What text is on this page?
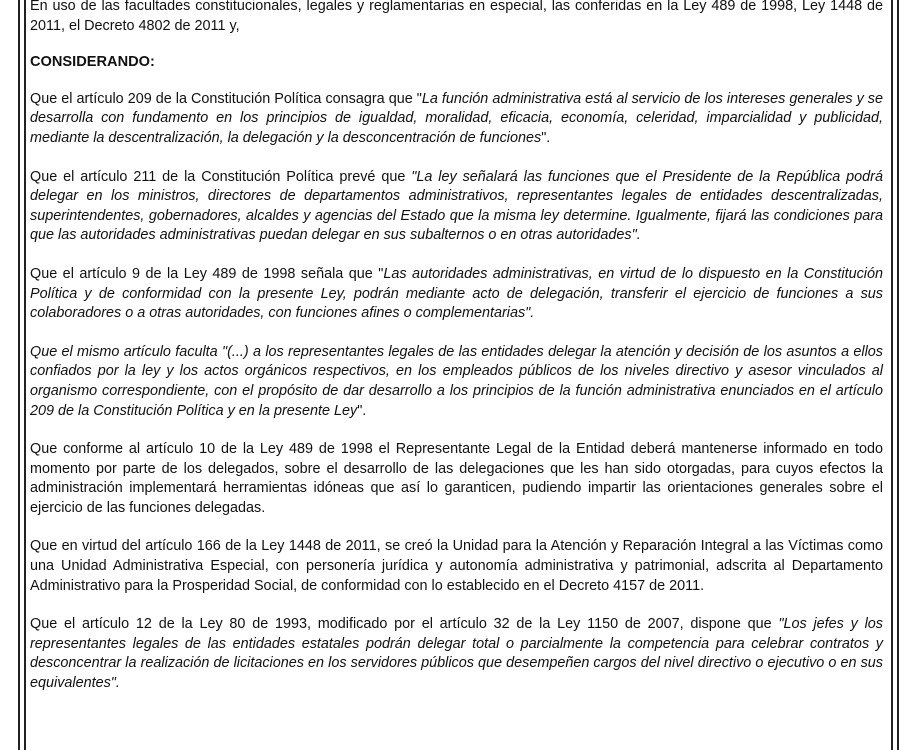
En uso de las facultades constitucionales, legales y reglamentarias en especial, las conferidas en la Ley 489 de 1998, Ley 1448 de 2011, el Decreto 4802 de 2011 y,

CONSIDERANDO:

Que el artículo 209 de la Constitución Política consagra que "La función administrativa está al servicio de los intereses generales y se desarrolla con fundamento en los principios de igualdad, moralidad, eficacia, economía, celeridad, imparcialidad y publicidad, mediante la descentralización, la delegación y la desconcentración de funciones".

Que el artículo 211 de la Constitución Política prevé que "La ley señalará las funciones que el Presidente de la República podrá delegar en los ministros, directores de departamentos administrativos, representantes legales de entidades descentralizadas, superintendentes, gobernadores, alcaldes y agencias del Estado que la misma ley determine. Igualmente, fijará las condiciones para que las autoridades administrativas puedan delegar en sus subalternos o en otras autoridades".

Que el artículo 9 de la Ley 489 de 1998 señala que "Las autoridades administrativas, en virtud de lo dispuesto en la Constitución Política y de conformidad con la presente Ley, podrán mediante acto de delegación, transferir el ejercicio de funciones a sus colaboradores o a otras autoridades, con funciones afines o complementarias".

Que el mismo artículo faculta "(...) a los representantes legales de las entidades delegar la atención y decisión de los asuntos a ellos confiados por la ley y los actos orgánicos respectivos, en los empleados públicos de los niveles directivo y asesor vinculados al organismo correspondiente, con el propósito de dar desarrollo a los principios de la función administrativa enunciados en el artículo 209 de la Constitución Política y en la presente Ley".

Que conforme al artículo 10 de la Ley 489 de 1998 el Representante Legal de la Entidad deberá mantenerse informado en todo momento por parte de los delegados, sobre el desarrollo de las delegaciones que les han sido otorgadas, para cuyos efectos la administración implementará herramientas idóneas que así lo garanticen, pudiendo impartir las orientaciones generales sobre el ejercicio de las funciones delegadas.

Que en virtud del artículo 166 de la Ley 1448 de 2011, se creó la Unidad para la Atención y Reparación Integral a las Víctimas como una Unidad Administrativa Especial, con personería jurídica y autonomía administrativa y patrimonial, adscrita al Departamento Administrativo para la Prosperidad Social, de conformidad con lo establecido en el Decreto 4157 de 2011.

Que el artículo 12 de la Ley 80 de 1993, modificado por el artículo 32 de la Ley 1150 de 2007, dispone que "Los jefes y los representantes legales de las entidades estatales podrán delegar total o parcialmente la competencia para celebrar contratos y desconcentrar la realización de licitaciones en los servidores públicos que desempeñen cargos del nivel directivo o ejecutivo o en sus equivalentes".
